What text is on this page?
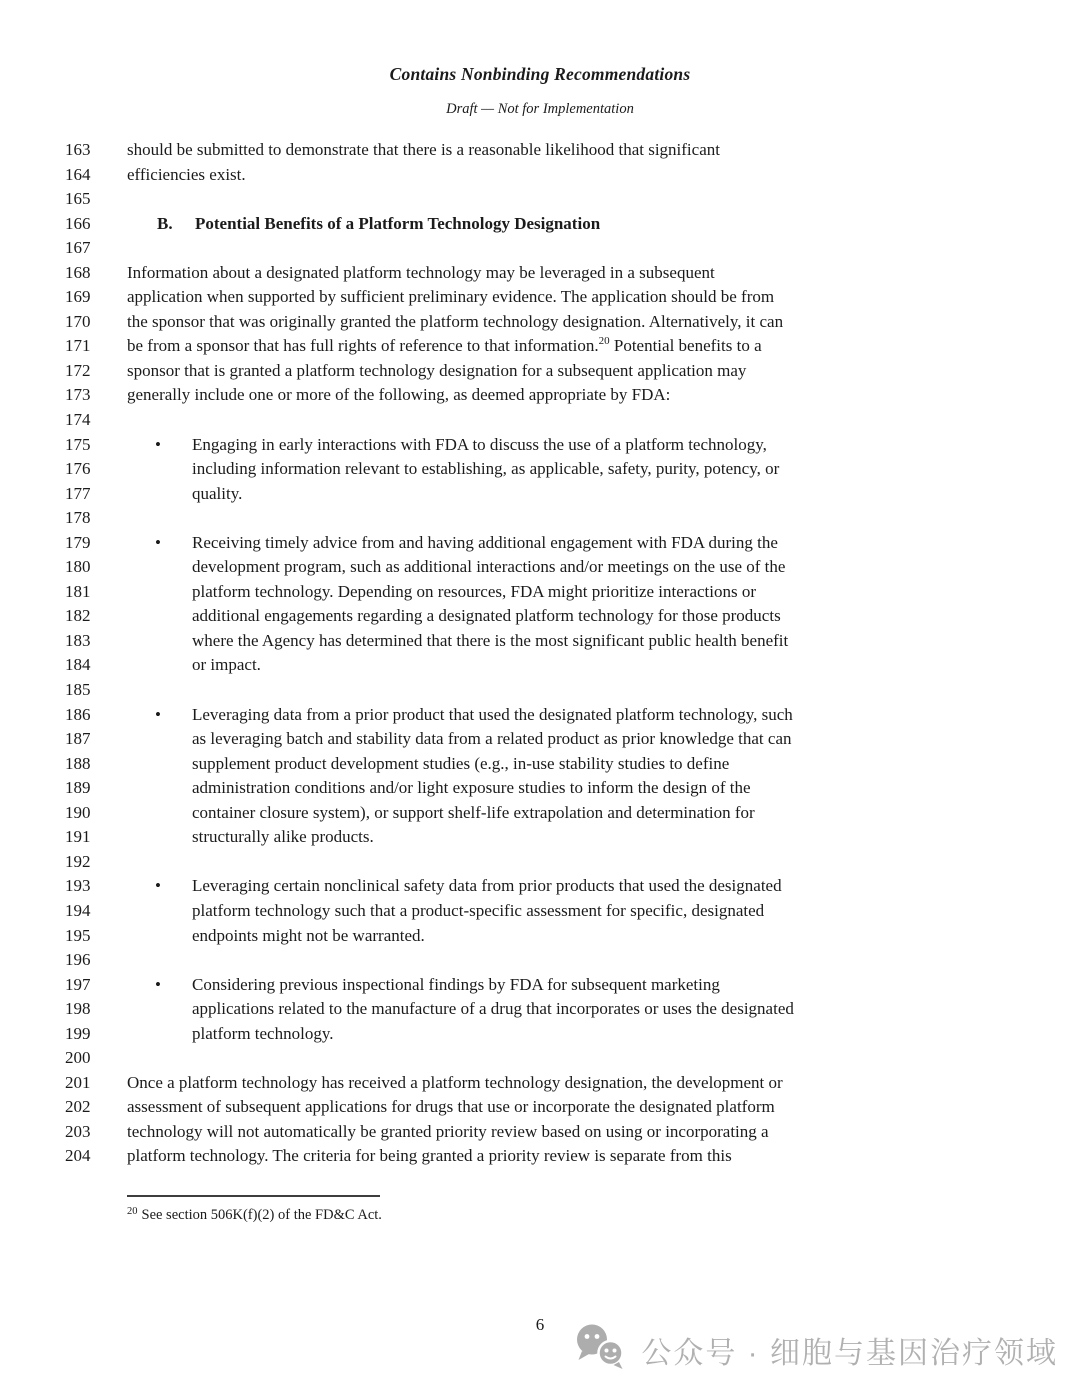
Contains Nonbinding Recommendations
Draft — Not for Implementation
163 should be submitted to demonstrate that there is a reasonable likelihood that significant
164 efficiencies exist.
165
166	B. Potential Benefits of a Platform Technology Designation
167
168 Information about a designated platform technology may be leveraged in a subsequent
169 application when supported by sufficient preliminary evidence. The application should be from
170 the sponsor that was originally granted the platform technology designation. Alternatively, it can
171 be from a sponsor that has full rights of reference to that information.$^{20}$ Potential benefits to a
172 sponsor that is granted a platform technology designation for a subsequent application may
173 generally include one or more of the following, as deemed appropriate by FDA:
174
175	• Engaging in early interactions with FDA to discuss the use of a platform technology,
176	including information relevant to establishing, as applicable, safety, purity, potency, or
177	quality.
178
179	• Receiving timely advice from and having additional engagement with FDA during the
180	development program, such as additional interactions and/or meetings on the use of the
181	platform technology. Depending on resources, FDA might prioritize interactions or
182	additional engagements regarding a designated platform technology for those products
183	where the Agency has determined that there is the most significant public health benefit
184	or impact.
185
186	• Leveraging data from a prior product that used the designated platform technology, such
187	as leveraging batch and stability data from a related product as prior knowledge that can
188	supplement product development studies (e.g., in-use stability studies to define
189	administration conditions and/or light exposure studies to inform the design of the
190	container closure system), or support shelf-life extrapolation and determination for
191	structurally alike products.
192
193	• Leveraging certain nonclinical safety data from prior products that used the designated
194	platform technology such that a product-specific assessment for specific, designated
195	endpoints might not be warranted.
196
197	• Considering previous inspectional findings by FDA for subsequent marketing
198	applications related to the manufacture of a drug that incorporates or uses the designated
199	platform technology.
200
201 Once a platform technology has received a platform technology designation, the development or
202 assessment of subsequent applications for drugs that use or incorporate the designated platform
203 technology will not automatically be granted priority review based on using or incorporating a
204 platform technology. The criteria for being granted a priority review is separate from this
$^{20}$ See section 506K(f)(2) of the FD&C Act.
6
公众号 · 细胞与基因治疗领域
